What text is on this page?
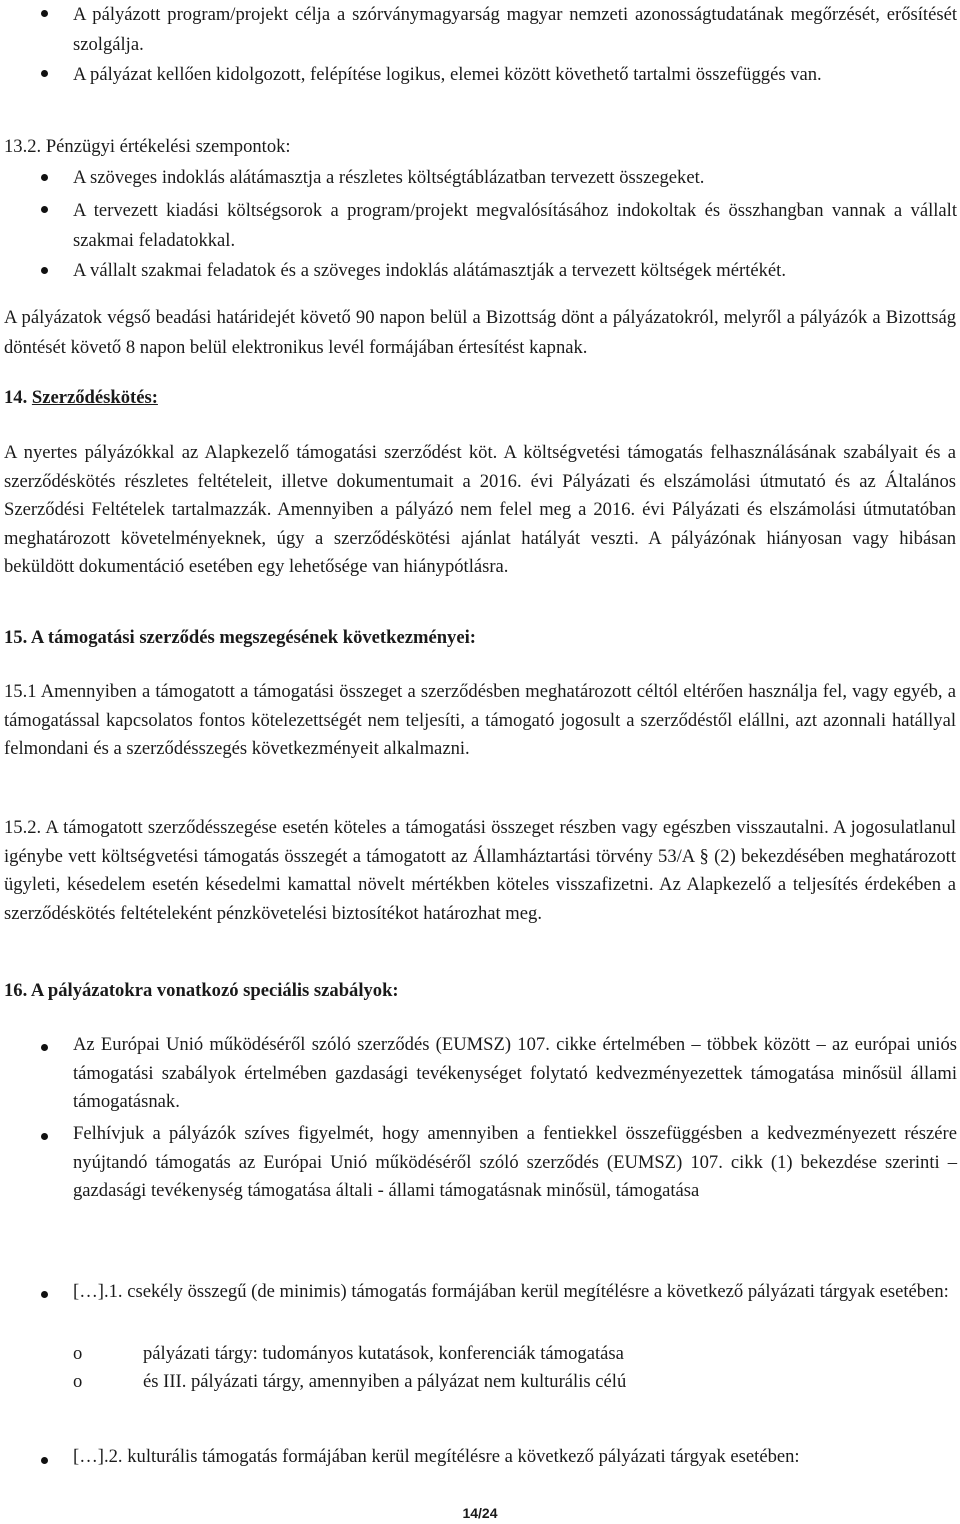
A pályázott program/projekt célja a szórványmagyarság magyar nemzeti azonosságtudatának megőrzését, erősítését szolgálja.

A pályázat kellően kidolgozott, felépítése logikus, elemei között követhető tartalmi összefüggés van.

13.2. Pénzügyi értékelési szempontok:

A szöveges indoklás alátámasztja a részletes költségtáblázatban tervezett összegeket.

A tervezett kiadási költségsorok a program/projekt megvalósításához indokoltak és összhangban vannak a vállalt szakmai feladatokkal.

A vállalt szakmai feladatok és a szöveges indoklás alátámasztják a tervezett költségek mértékét.

A pályázatok végső beadási határidejét követő 90 napon belül a Bizottság dönt a pályázatokról, melyről a pályázók a Bizottság döntését követő 8 napon belül elektronikus levél formájában értesítést kapnak.

14. Szerződéskötés:

A nyertes pályázókkal az Alapkezelő támogatási szerződést köt. A költségvetési támogatás felhasználásának szabályait és a szerződéskötés részletes feltételeit, illetve dokumentumait a 2016. évi Pályázati és elszámolási útmutató és az Általános Szerződési Feltételek tartalmazzák. Amennyiben a pályázó nem felel meg a 2016. évi Pályázati és elszámolási útmutatóban meghatározott követelményeknek, úgy a szerződéskötési ajánlat hatályát veszti. A pályázónak hiányosan vagy hibásan beküldött dokumentáció esetében egy lehetősége van hiánypótlásra.

15. A támogatási szerződés megszegésének következményei:

15.1 Amennyiben a támogatott a támogatási összeget a szerződésben meghatározott céltól eltérően használja fel, vagy egyéb, a támogatással kapcsolatos fontos kötelezettségét nem teljesíti, a támogató jogosult a szerződéstől elállni, azt azonnali hatállyal felmondani és a szerződésszegés következményeit alkalmazni.

15.2. A támogatott szerződésszegése esetén köteles a támogatási összeget részben vagy egészben visszautalni. A jogosulatlanul igénybe vett költségvetési támogatás összegét a támogatott az Államháztartási törvény 53/A § (2) bekezdésében meghatározott ügyleti, késedelem esetén késedelmi kamattal növelt mértékben köteles visszafizetni. Az Alapkezelő a teljesítés érdekében a szerződéskötés feltételeként pénzkövetelési biztosítékot határozhat meg.

16. A pályázatokra vonatkozó speciális szabályok:

Az Európai Unió működéséről szóló szerződés (EUMSZ) 107. cikke értelmében – többek között – az európai uniós támogatási szabályok értelmében gazdasági tevékenységet folytató kedvezményezettek támogatása minősül állami támogatásnak.

Felhívjuk a pályázók szíves figyelmét, hogy amennyiben a fentiekkel összefüggésben a kedvezményezett részére nyújtandó támogatás az Európai Unió működéséről szóló szerződés (EUMSZ) 107. cikk (1) bekezdése szerinti – gazdasági tevékenység támogatása általi - állami támogatásnak minősül, támogatása

[…].1. csekély összegű (de minimis) támogatás formájában kerül megítélésre a következő pályázati tárgyak esetében:

o	pályázati tárgy: tudományos kutatások, konferenciák támogatása

o	és III. pályázati tárgy, amennyiben a pályázat nem kulturális célú

[…].2. kulturális támogatás formájában kerül megítélésre a következő pályázati tárgyak esetében:

14/24
